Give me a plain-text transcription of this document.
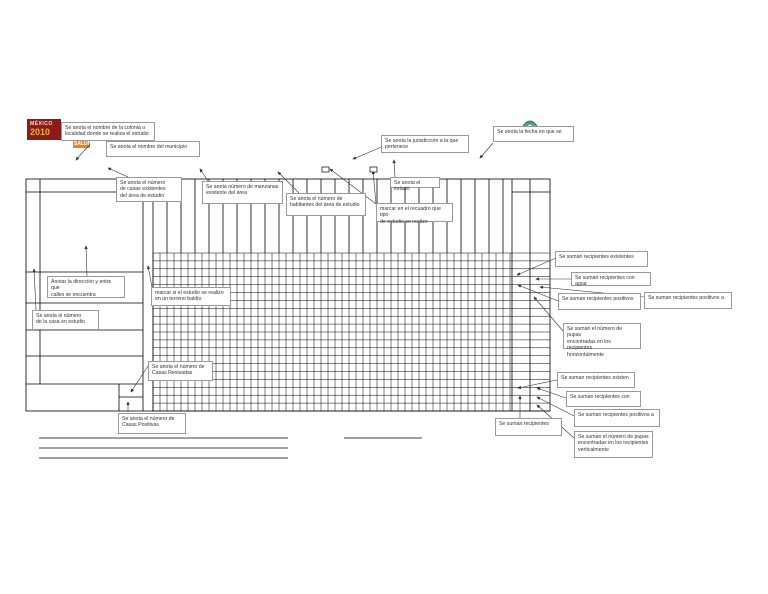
MÉXICO
2010
SALUD
Se anota el nombre de la colonia o
localidad donde se realiza el estudio
Se anota el nombre del municipio
Se anota la jurisdicción a la que
pertenece
Se anota la fecha en que se
Se anota el estado
Se anota el número
de casas existentes
del área de estudio
Se anota número de manzanas
existente del área
Se anota el número de
habitantes del área de estudio
marcar en el recuadro que tipo
de estudio se realizo
Anotar la dirección y entre que
calles se encuentra	marcar si el estudio se realizo
en un terreno baldío
Se anota el número
de la casa en estudio
Se anota el número de
Casas Revisadas
Se anota el número de
Casas Positivas
Se suman recipientes existentes
Se suman recipientes con agua
Se suman recipientes positivos	Se suman recipientes positivos a
Se suman el número de pupas
encontradas en los recipientes
horizontalmente
Se suman recipientes existen
Se suman recipientes con
Se suman recipientes positivos a
Se suman recipientes
Se suman el número de pupas
encontradas en los recipientes
verticalmente
